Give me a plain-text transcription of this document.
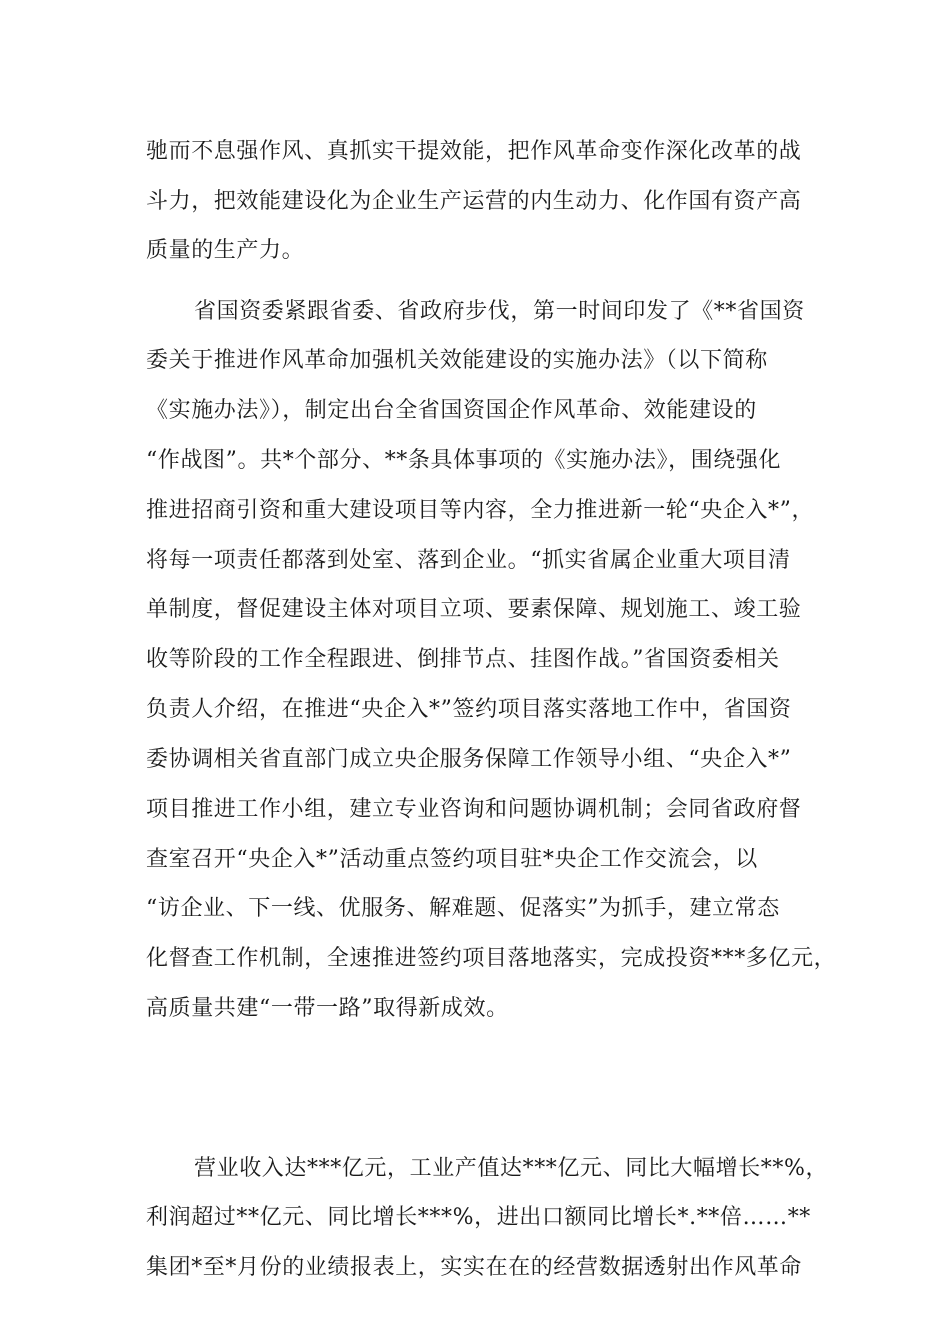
驰而不息强作风、真抓实干提效能，把作风革命变作深化改革的战
斗力，把效能建设化为企业生产运营的内生动力、化作国有资产高
质量的生产力。
省国资委紧跟省委、省政府步伐，第一时间印发了《**省国资
委关于推进作风革命加强机关效能建设的实施办法》（以下简称
《实施办法》），制定出台全省国资国企作风革命、效能建设的
“作战图”。共*个部分、**条具体事项的《实施办法》，围绕强化
推进招商引资和重大建设项目等内容，全力推进新一轮“央企入*”，
将每一项责任都落到处室、落到企业。“抓实省属企业重大项目清
单制度，督促建设主体对项目立项、要素保障、规划施工、竣工验
收等阶段的工作全程跟进、倒排节点、挂图作战。”省国资委相关
负责人介绍，在推进“央企入*”签约项目落实落地工作中，省国资
委协调相关省直部门成立央企服务保障工作领导小组、“央企入*”
项目推进工作小组，建立专业咨询和问题协调机制；会同省政府督
查室召开“央企入*”活动重点签约项目驻*央企工作交流会，以
“访企业、下一线、优服务、解难题、促落实”为抓手，建立常态
化督查工作机制，全速推进签约项目落地落实，完成投资***多亿元，
高质量共建“一带一路”取得新成效。
营业收入达***亿元，工业产值达***亿元、同比大幅增长**%，
利润超过**亿元、同比增长***%，进出口额同比增长*.**倍……**
集团*至*月份的业绩报表上，实实在在的经营数据透射出作风革命
